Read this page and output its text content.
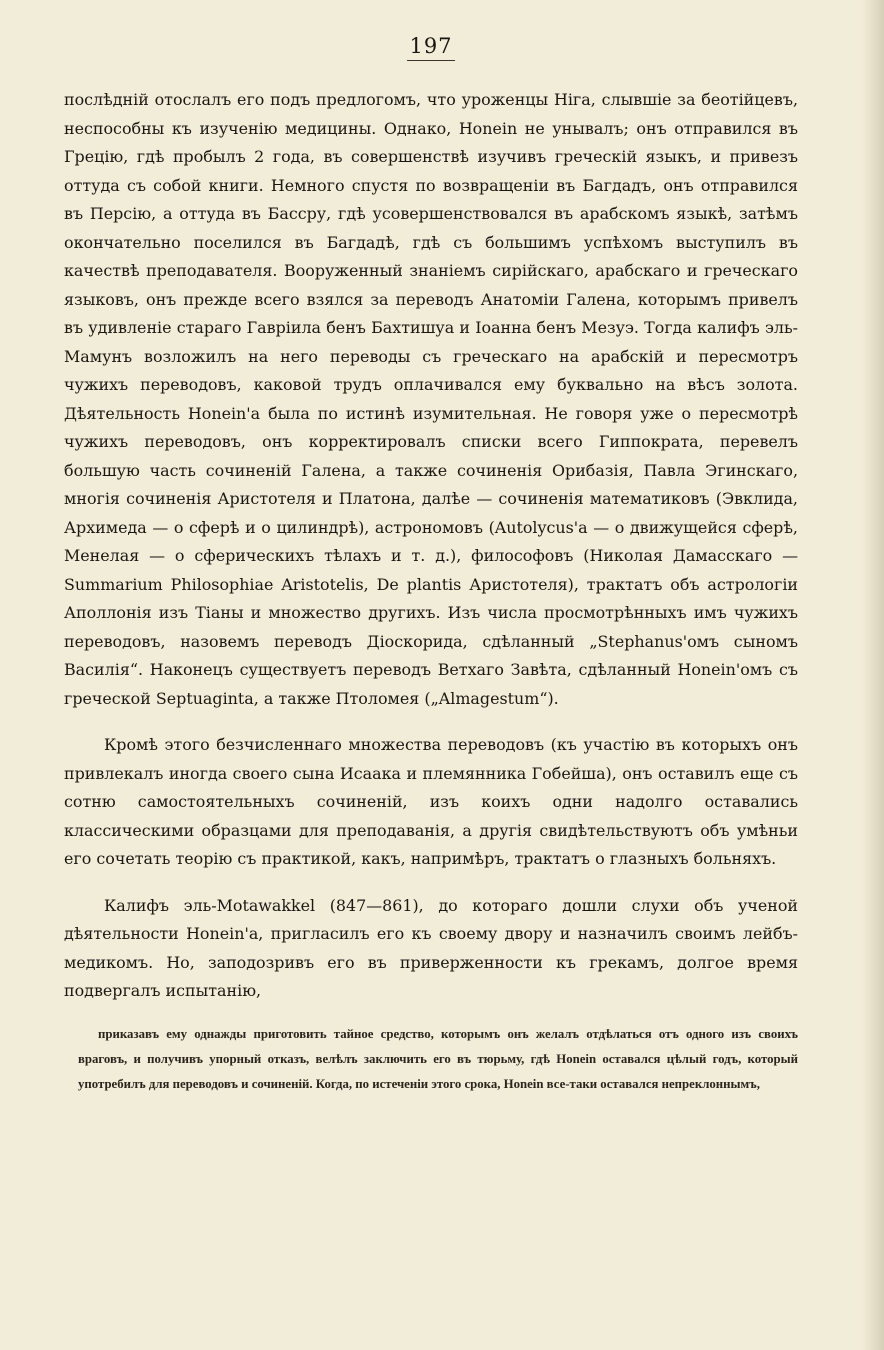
197

послѣдній отослалъ его подъ предлогомъ, что уроженцы Ніга, слывшіе за беотійцевъ, неспособны къ изученію медицины. Однако, Honein не унывалъ; онъ отправился въ Грецію, гдѣ пробылъ 2 года, въ совершенствѣ изучивъ греческій языкъ, и привезъ оттуда съ собой книги. Немного спустя по возвращеніи въ Багдадъ, онъ отправился въ Персію, а оттуда въ Бассру, гдѣ усовершенствовался въ арабскомъ языкѣ, затѣмъ окончательно поселился въ Багдадѣ, гдѣ съ большимъ успѣхомъ выступилъ въ качествѣ преподавателя. Вооруженный знаніемъ сирійскаго, арабскаго и греческаго языковъ, онъ прежде всего взялся за переводъ Анатоміи Галена, которымъ привелъ въ удивленіе стараго Гавріила бенъ Бахтишуа и Іоанна бенъ Мезуэ. Тогда калифъ эль-Мамунъ возложилъ на него переводы съ греческаго на арабскій и пересмотръ чужихъ переводовъ, каковой трудъ оплачивался ему буквально на вѣсъ золота. Дѣятельность Honein'a была по истинѣ изумительная. Не говоря уже о пересмотрѣ чужихъ переводовъ, онъ корректировалъ списки всего Гиппократа, перевелъ большую часть сочиненій Галена, а также сочиненія Орибазія, Павла Эгинскаго, многія сочиненія Аристотеля и Платона, далѣе — сочиненія математиковъ (Эвклида, Архимеда — о сферѣ и о цилиндрѣ), астрономовъ (Autolycus'a — о движущейся сферѣ, Менелая — о сферическихъ тѣлахъ и т. д.), философовъ (Николая Дамасскаго — Summarium Philosophiae Aristotelis, De plantis Аристотеля), трактатъ объ астрологіи Аполлонія изъ Тіаны и множество другихъ. Изъ числа просмотрѣнныхъ имъ чужихъ переводовъ, назовемъ переводъ Діоскорида, сдѣланный „Stephanus'омъ сыномъ Василія“. Наконецъ существуетъ переводъ Ветхаго Завѣта, сдѣланный Honein'омъ съ греческой Septuaginta, а также Птоломея („Almagestum“).

Кромѣ этого безчисленнаго множества переводовъ (къ участію въ которыхъ онъ привлекалъ иногда своего сына Исаака и племянника Гобейша), онъ оставилъ еще съ сотню самостоятельныхъ сочиненій, изъ коихъ одни надолго оставались классическими образцами для преподаванія, а другія свидѣтельствуютъ объ умѣньи его сочетать теорію съ практикой, какъ, напримѣръ, трактатъ о глазныхъ больняхъ.

Калифъ эль-Motawakkel (847—861), до котораго дошли слухи объ ученой дѣятельности Honein'a, пригласилъ его къ своему двору и назначилъ своимъ лейбъ-медикомъ. Но, заподозривъ его въ приверженности къ грекамъ, долгое время подвергалъ испытанію,

приказавъ ему однажды приготовить тайное средство, которымъ онъ желалъ отдѣлаться отъ одного изъ своихъ враговъ, и получивъ упорный отказъ, велѣлъ заключить его въ тюрьму, гдѣ Honein оставался цѣлый годъ, который употребилъ для переводовъ и сочиненій. Когда, по истеченіи этого срока, Honein все-таки оставался непреклоннымъ,
